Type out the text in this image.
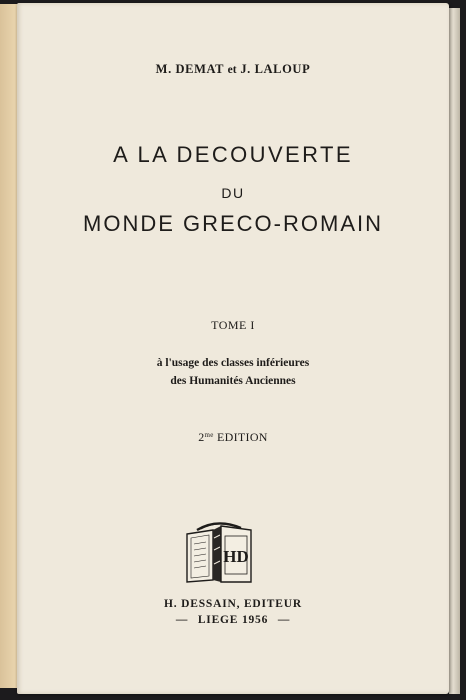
M. DEMAT et J. LALOUP
A LA DECOUVERTE
DU
MONDE GRECO-ROMAIN
TOME I
à l'usage des classes inférieures
des Humanités Anciennes
$2^{me}$ EDITION
HD
H. DESSAIN, EDITEUR
— LIEGE 1956 —
